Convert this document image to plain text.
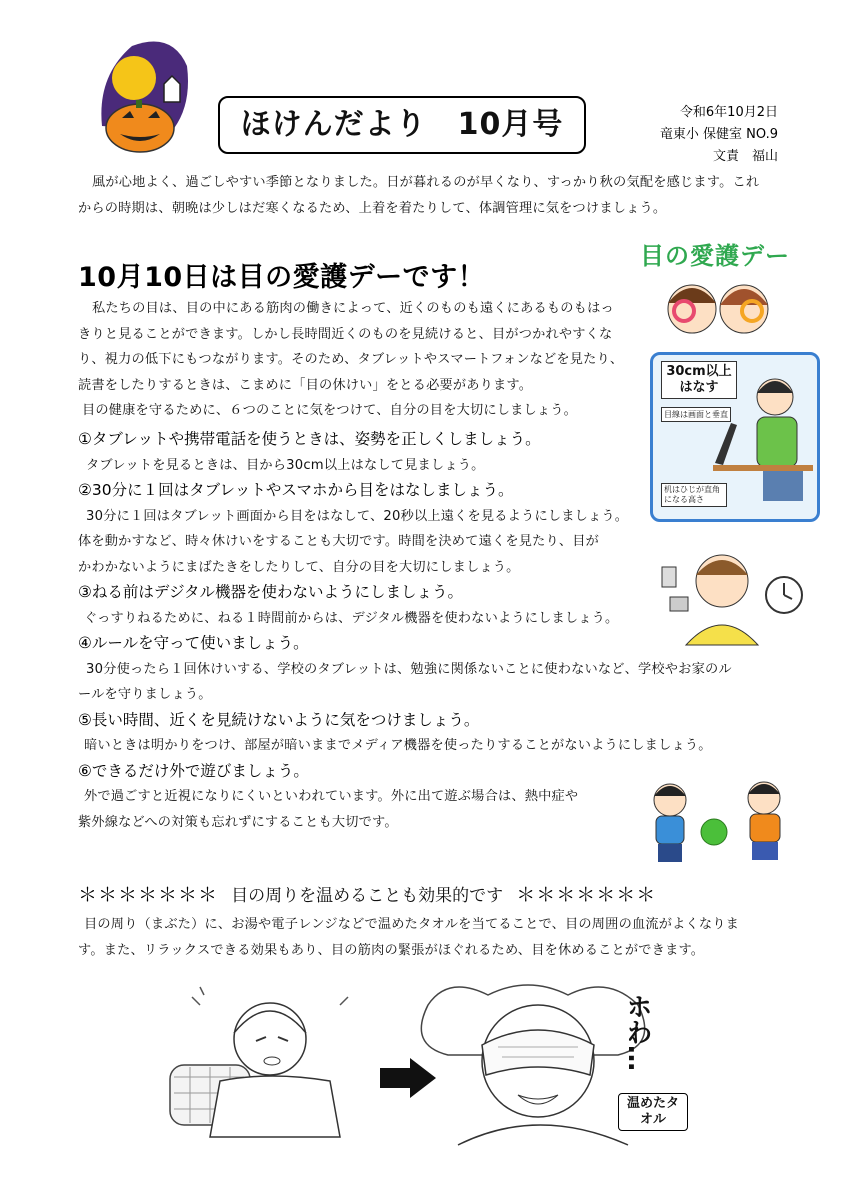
ほけんだより　10月号	令和6年10月2日
竜東小 保健室 NO.9
文責　福山
風が心地よく、過ごしやすい季節となりました。日が暮れるのが早くなり、すっかり秋の気配を感じます。これ
からの時期は、朝晩は少しはだ寒くなるため、上着を着たりして、体調管理に気をつけましょう。
10月10日は目の愛護デーです！
目の愛護デー
私たちの目は、目の中にある筋肉の働きによって、近くのものも遠くにあるものもはっ
きりと見ることができます。しかし長時間近くのものを見続けると、目がつかれやすくな
り、視力の低下にもつながります。そのため、タブレットやスマートフォンなどを見たり、
読書をしたりするときは、こまめに「目の休けい」をとる必要があります。
目の健康を守るために、６つのことに気をつけて、自分の目を大切にしましょう。
30cm以上はなす
目線は画面と垂直
机はひじが直角になる高さ
①タブレットや携帯電話を使うときは、姿勢を正しくしましょう。
タブレットを見るときは、目から30cm以上はなして見ましょう。
②30分に１回はタブレットやスマホから目をはなしましょう。
30分に１回はタブレット画面から目をはなして、20秒以上遠くを見るようにしましょう。
体を動かすなど、時々休けいをすることも大切です。時間を決めて遠くを見たり、目が
かわかないようにまばたきをしたりして、自分の目を大切にしましょう。
③ねる前はデジタル機器を使わないようにしましょう。
ぐっすりねるために、ねる１時間前からは、デジタル機器を使わないようにしましょう。
④ルールを守って使いましょう。
30分使ったら１回休けいする、学校のタブレットは、勉強に関係ないことに使わないなど、学校やお家のル
ールを守りましょう。
⑤長い時間、近くを見続けないように気をつけましょう。
暗いときは明かりをつけ、部屋が暗いままでメディア機器を使ったりすることがないようにしましょう。
⑥できるだけ外で遊びましょう。
外で過ごすと近視になりにくいといわれています。外に出て遊ぶ場合は、熱中症や
紫外線などへの対策も忘れずにすることも大切です。
＊＊＊＊＊＊＊ 目の周りを温めることも効果的です ＊＊＊＊＊＊＊
目の周り（まぶた）に、お湯や電子レンジなどで温めたタオルを当てることで、目の周囲の血流がよくなりま
す。また、リラックスできる効果もあり、目の筋肉の緊張がほぐれるため、目を休めることができます。
ホわ…
温めたタオル
